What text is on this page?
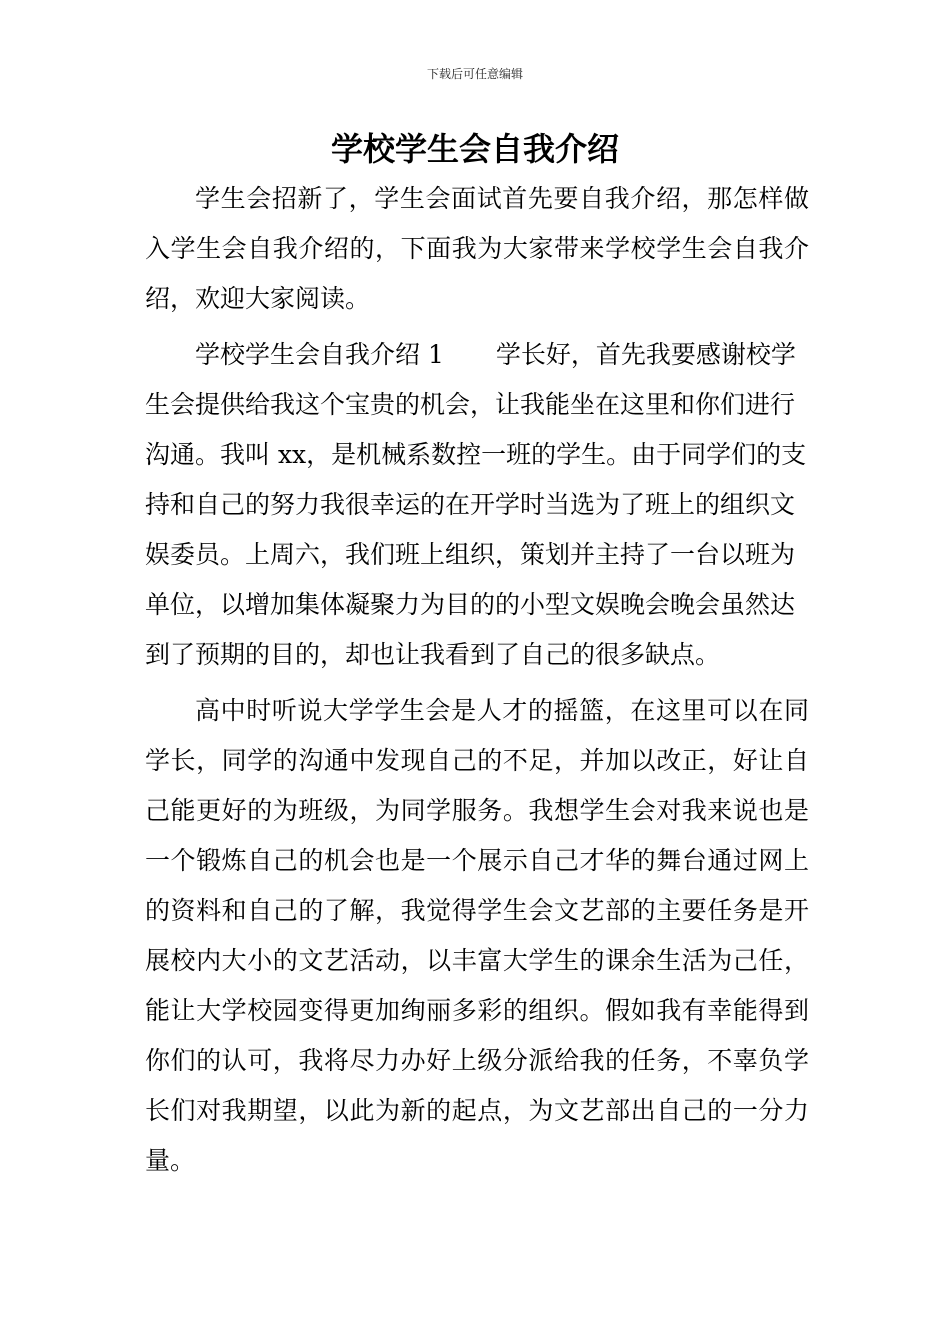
下载后可任意编辑
学校学生会自我介绍

学生会招新了，学生会面试首先要自我介绍，那怎样做入学生会自我介绍的，下面我为大家带来学校学生会自我介绍，欢迎大家阅读。

学校学生会自我介绍 1 学长好，首先我要感谢校学生会提供给我这个宝贵的机会，让我能坐在这里和你们进行沟通。我叫 xx，是机械系数控一班的学生。由于同学们的支持和自己的努力我很幸运的在开学时当选为了班上的组织文娱委员。上周六，我们班上组织，策划并主持了一台以班为单位，以增加集体凝聚力为目的的小型文娱晚会晚会虽然达到了预期的目的，却也让我看到了自己的很多缺点。

高中时听说大学学生会是人才的摇篮，在这里可以在同学长，同学的沟通中发现自己的不足，并加以改正，好让自己能更好的为班级，为同学服务。我想学生会对我来说也是一个锻炼自己的机会也是一个展示自己才华的舞台通过网上的资料和自己的了解，我觉得学生会文艺部的主要任务是开展校内大小的文艺活动，以丰富大学生的课余生活为己任，能让大学校园变得更加绚丽多彩的组织。假如我有幸能得到你们的认可，我将尽力办好上级分派给我的任务，不辜负学长们对我期望，以此为新的起点，为文艺部出自己的一分力量。
